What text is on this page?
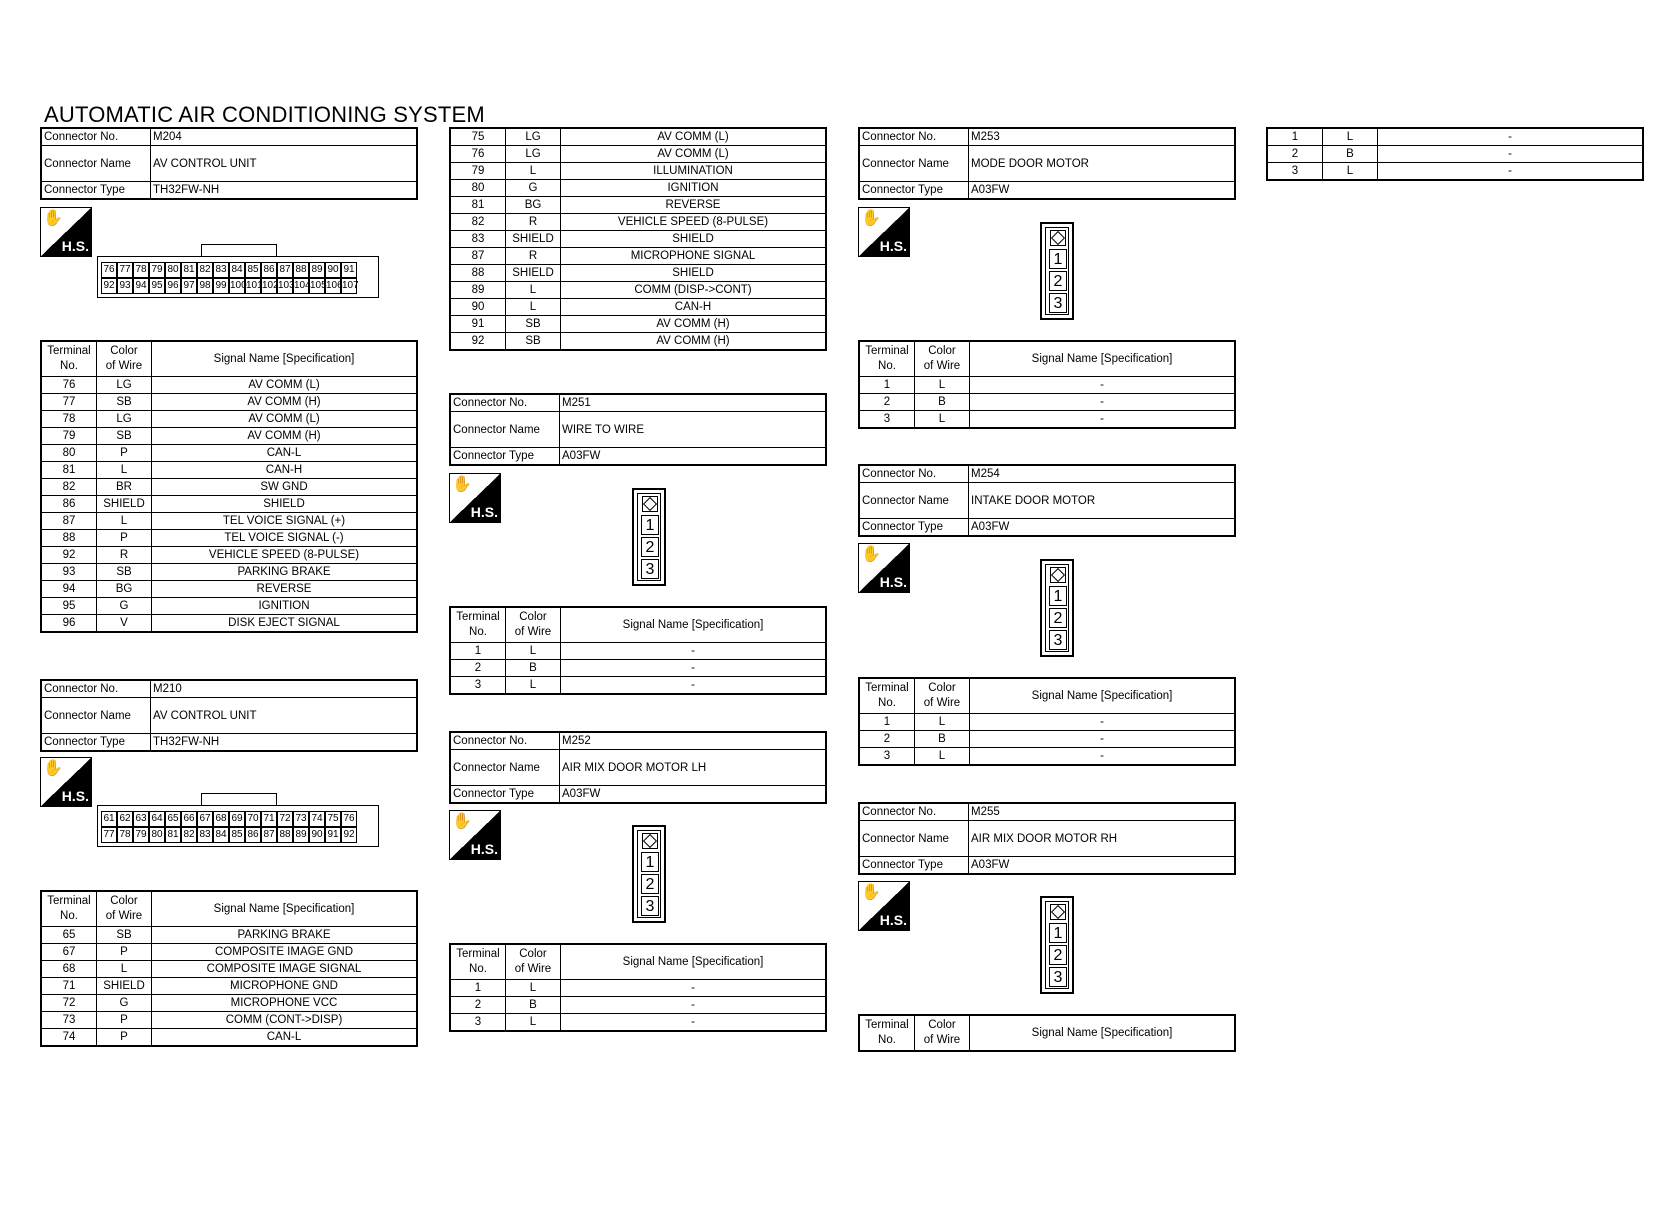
AUTOMATIC AIR CONDITIONING SYSTEM
Connector No.	M204
Connector Name	AV CONTROL UNIT
Connector Type	TH32FW-NH
Connector No.	M210
Connector Name	AV CONTROL UNIT
Connector Type	TH32FW-NH
Connector No.	M251
Connector Name	WIRE TO WIRE
Connector Type	A03FW
Connector No.	M252
Connector Name	AIR MIX DOOR MOTOR LH
Connector Type	A03FW
Connector No.	M253
Connector Name	MODE DOOR MOTOR
Connector Type	A03FW
Connector No.	M254
Connector Name	INTAKE DOOR MOTOR
Connector Type	A03FW
Connector No.	M255
Connector Name	AIR MIX DOOR MOTOR RH
Connector Type	A03FW
✋
H.S.
✋
H.S.
✋
H.S.
✋
H.S.
✋
H.S.
✋
H.S.
✋
H.S.
76 77 78 79 80 81 82 83 84 85 86 87 88 89 90 91
92 93 94 95 96 97 98 99 100 101 102 103 104 105 106 107
61 62 63 64 65 66 67 68 69 70 71 72 73 74 75 76
77 78 79 80 81 82 83 84 85 86 87 88 89 90 91 92
1
2
3
1
2
3
1
2
3
1
2
3
1
2
3
Terminal
No.	Color
of Wire	Signal Name [Specification]
76	LG	AV COMM (L)
77	SB	AV COMM (H)
78	LG	AV COMM (L)
79	SB	AV COMM (H)
80	P	CAN-L
81	L	CAN-H
82	BR	SW GND
86	SHIELD	SHIELD
87	L	TEL VOICE SIGNAL (+)
88	P	TEL VOICE SIGNAL (-)
92	R	VEHICLE SPEED (8-PULSE)
93	SB	PARKING BRAKE
94	BG	REVERSE
95	G	IGNITION
96	V	DISK EJECT SIGNAL
Terminal
No.	Color
of Wire	Signal Name [Specification]
65	SB	PARKING BRAKE
67	P	COMPOSITE IMAGE GND
68	L	COMPOSITE IMAGE SIGNAL
71	SHIELD	MICROPHONE GND
72	G	MICROPHONE VCC
73	P	COMM (CONT->DISP)
74	P	CAN-L
75	LG	AV COMM (L)
76	LG	AV COMM (L)
79	L	ILLUMINATION
80	G	IGNITION
81	BG	REVERSE
82	R	VEHICLE SPEED (8-PULSE)
83	SHIELD	SHIELD
87	R	MICROPHONE SIGNAL
88	SHIELD	SHIELD
89	L	COMM (DISP->CONT)
90	L	CAN-H
91	SB	AV COMM (H)
92	SB	AV COMM (H)
Terminal
No.	Color
of Wire	Signal Name [Specification]
1	L	-
2	B	-
3	L	-
Terminal
No.	Color
of Wire	Signal Name [Specification]
1	L	-
2	B	-
3	L	-
Terminal
No.	Color
of Wire	Signal Name [Specification]
1	L	-
2	B	-
3	L	-
Terminal
No.	Color
of Wire	Signal Name [Specification]
1	L	-
2	B	-
3	L	-
Terminal
No.	Color
of Wire	Signal Name [Specification]
1	L	-
2	B	-
3	L	-
